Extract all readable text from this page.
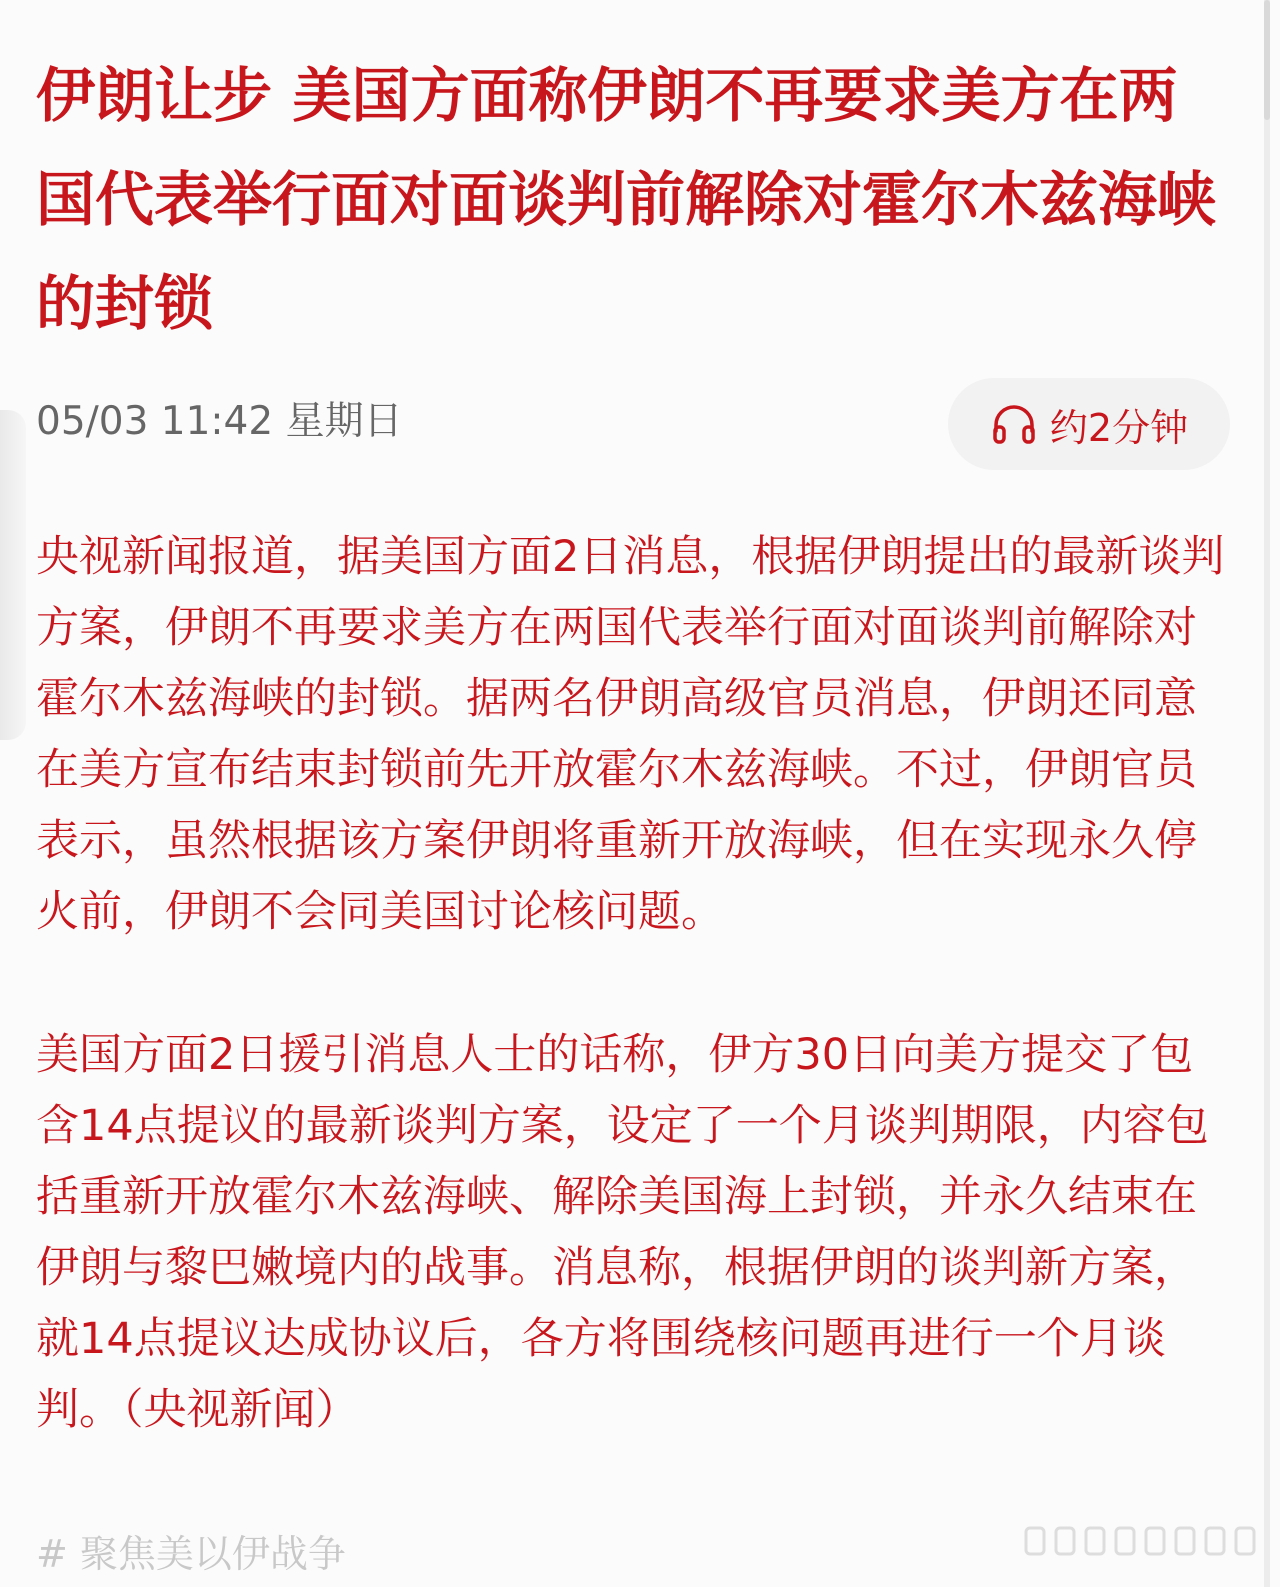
伊朗让步 美国方面称伊朗不再要求美方在两国代表举行面对面谈判前解除对霍尔木兹海峡的封锁
05/03 11:42 星期日	约2分钟

央视新闻报道，据美国方面2日消息，根据伊朗提出的最新谈判方案，伊朗不再要求美方在两国代表举行面对面谈判前解除对霍尔木兹海峡的封锁。据两名伊朗高级官员消息，伊朗还同意在美方宣布结束封锁前先开放霍尔木兹海峡。不过，伊朗官员表示，虽然根据该方案伊朗将重新开放海峡，但在实现永久停火前，伊朗不会同美国讨论核问题。

美国方面2日援引消息人士的话称，伊方30日向美方提交了包含14点提议的最新谈判方案，设定了一个月谈判期限，内容包括重新开放霍尔木兹海峡、解除美国海上封锁，并永久结束在伊朗与黎巴嫩境内的战事。消息称，根据伊朗的谈判新方案，就14点提议达成协议后，各方将围绕核问题再进行一个月谈判。（央视新闻）

# 聚焦美以伊战争
